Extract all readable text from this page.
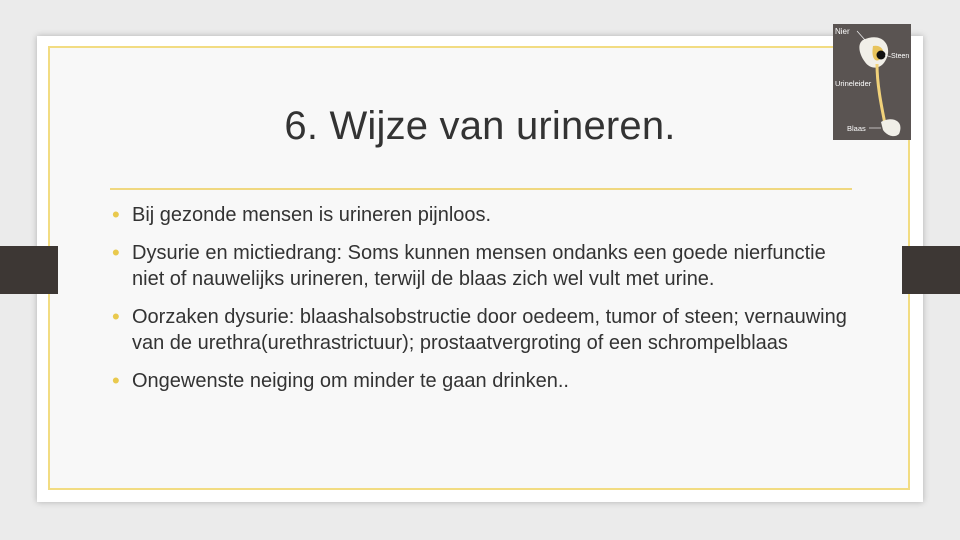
6. Wijze van urineren.
• Bij gezonde mensen is urineren pijnloos.
• Dysurie en mictiedrang: Soms kunnen mensen ondanks een goede nierfunctie niet of nauwelijks urineren, terwijl de blaas zich wel vult met urine.
• Oorzaken dysurie: blaashalsobstructie door oedeem, tumor of steen; vernauwing van de urethra(urethrastrictuur); prostaatvergroting of een schrompelblaas
• Ongewenste neiging om minder te gaan drinken..
Nier
Steen
Urineleider
Blaas
